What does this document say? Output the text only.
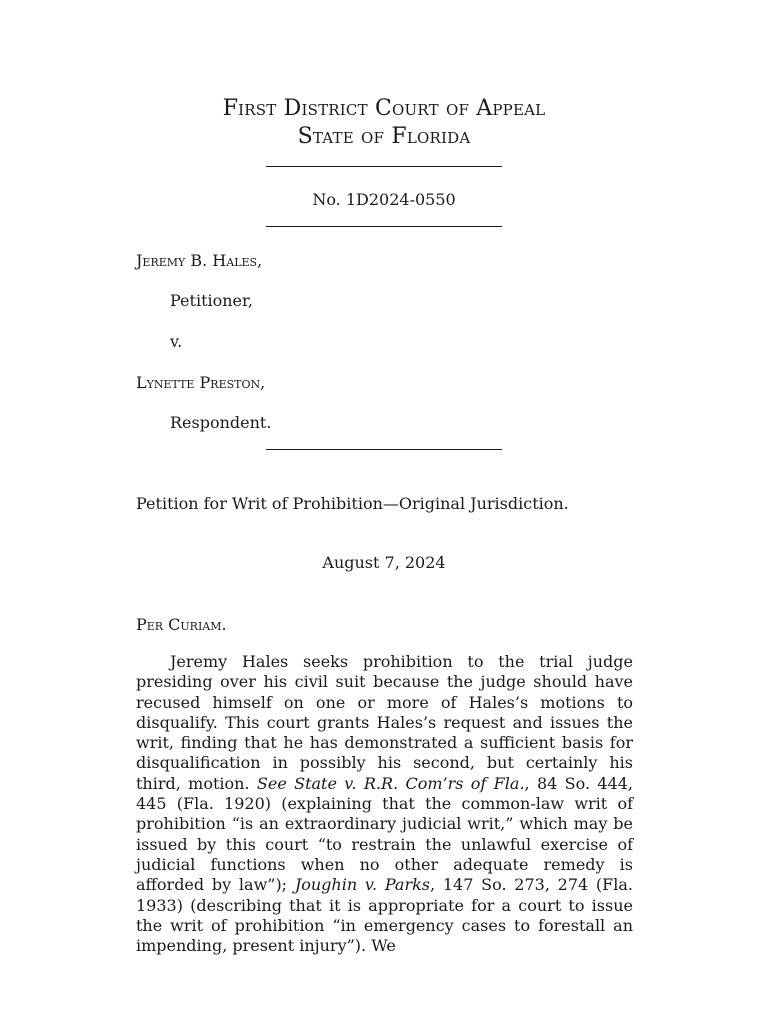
First District Court of Appeal
State of Florida
No. 1D2024-0550
Jeremy B. Hales,
Petitioner,
v.
Lynette Preston,
Respondent.
Petition for Writ of Prohibition—Original Jurisdiction.
August 7, 2024
Per Curiam.

Jeremy Hales seeks prohibition to the trial judge presiding over his civil suit because the judge should have recused himself on one or more of Hales’s motions to disqualify. This court grants Hales’s request and issues the writ, finding that he has demonstrated a sufficient basis for disqualification in possibly his second, but certainly his third, motion. See State v. R.R. Com’rs of Fla., 84 So. 444, 445 (Fla. 1920) (explaining that the common-law writ of prohibition “is an extraordinary judicial writ,” which may be issued by this court “to restrain the unlawful exercise of judicial functions when no other adequate remedy is afforded by law”); Joughin v. Parks, 147 So. 273, 274 (Fla. 1933) (describing that it is appropriate for a court to issue the writ of prohibition “in emergency cases to forestall an impending, present injury”). We
